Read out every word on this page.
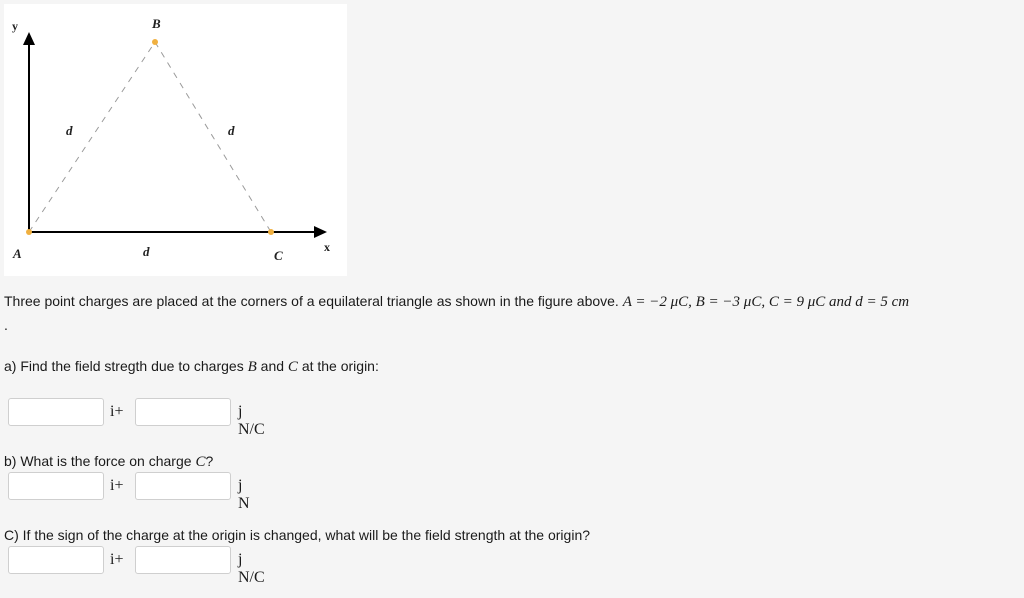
y
x
A
B
C
d	d
d
Three point charges are placed at the corners of a equilateral triangle as shown in the figure above. A = −2 μC, B = −3 μC, C = 9 μC and d = 5 cm
.
a) Find the field stregth due to charges B and C at the origin:
i+	j N/C
b) What is the force on charge C?
i+	j N
C) If the sign of the charge at the origin is changed, what will be the field strength at the origin?
i+	j N/C
